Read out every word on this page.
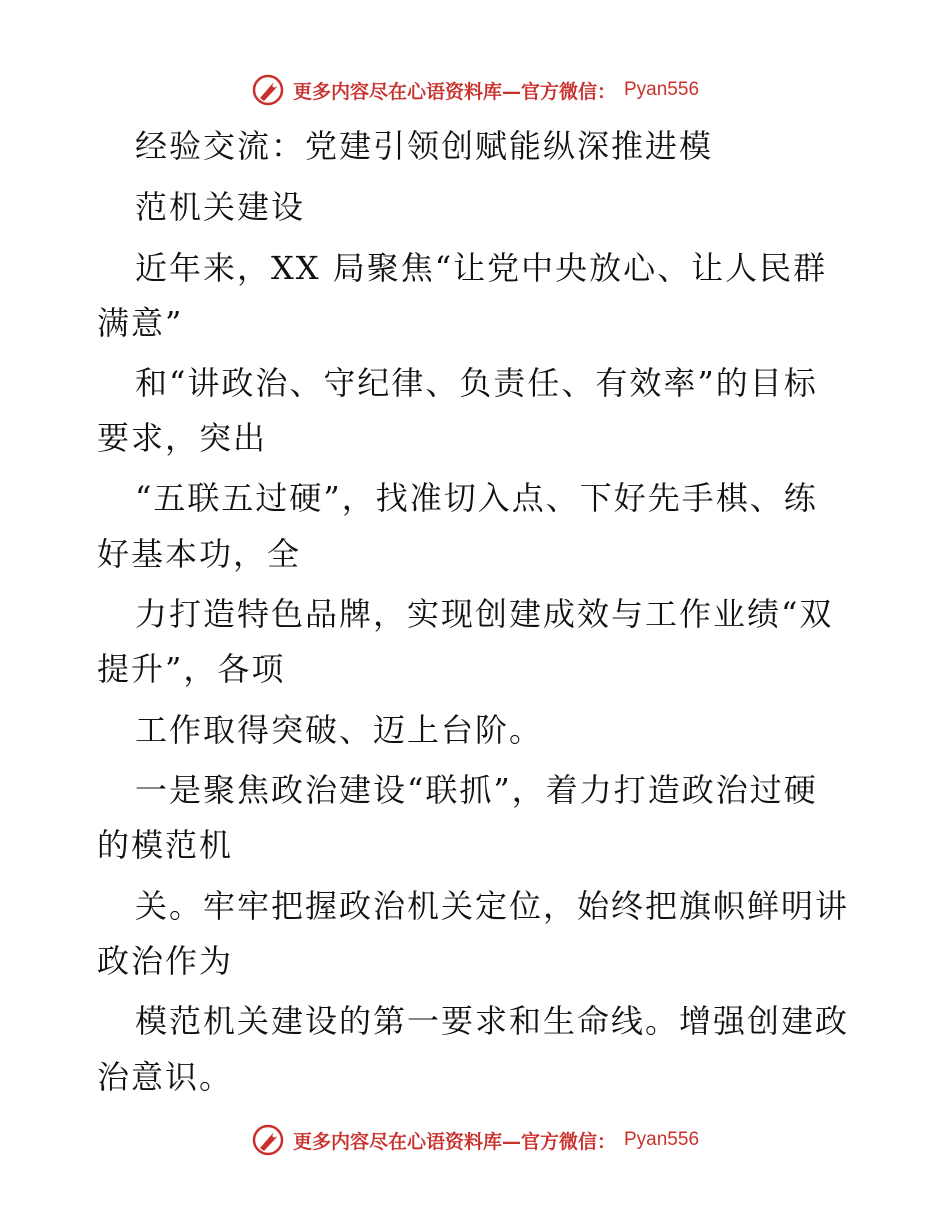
更多内容尽在心语资料库—官方微信： Pyan556
经验交流：党建引领创赋能纵深推进模
范机关建设
近年来，XX 局聚焦“让党中央放心、让人民群
满意”
和“讲政治、守纪律、负责任、有效率”的目标
要求，突出
“五联五过硬”，找准切入点、下好先手棋、练
好基本功，全
力打造特色品牌，实现创建成效与工作业绩“双
提升”，各项
工作取得突破、迈上台阶。
一是聚焦政治建设“联抓”，着力打造政治过硬
的模范机
关。牢牢把握政治机关定位，始终把旗帜鲜明讲
政治作为
模范机关建设的第一要求和生命线。增强创建政
治意识。
更多内容尽在心语资料库—官方微信： Pyan556
